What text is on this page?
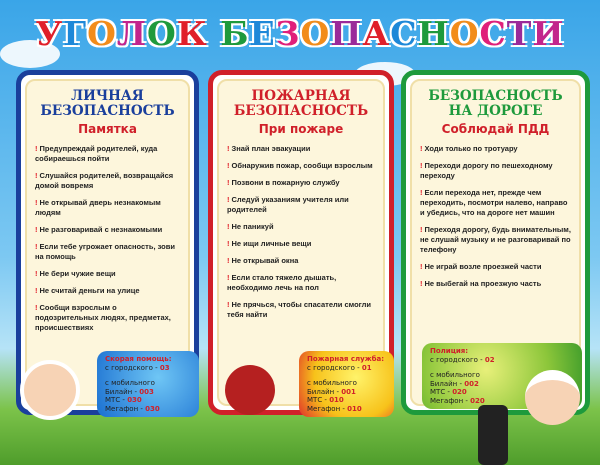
УГОЛОК БЕЗОПАСНОСТИ
ЛИЧНАЯ
БЕЗОПАСНОСТЬ
Памятка
! Предупреждай родителей, куда собираешься пойти
! Слушайся родителей, возвращайся домой вовремя
! Не открывай дверь незнакомым людям
! Не разговаривай с незнакомыми
! Если тебе угрожает опасность, зови на помощь
! Не бери чужие вещи
! Не считай деньги на улице
! Сообщи взрослым о подозрительных людях, предметах, происшествиях
Скорая помощь:
с городского - 03
с мобильного
Билайн - 003
МТС - 030
Мегафон - 030
ПОЖАРНАЯ
БЕЗОПАСНОСТЬ
При пожаре
! Знай план эвакуации
! Обнаружив пожар, сообщи взрослым
! Позвони в пожарную службу
! Следуй указаниям учителя или родителей
! Не паникуй
! Не ищи личные вещи
! Не открывай окна
! Если стало тяжело дышать, необходимо лечь на пол
! Не прячься, чтобы спасатели смогли тебя найти
Пожарная служба:
с городского - 01
с мобильного
Билайн - 001
МТС - 010
Мегафон - 010
БЕЗОПАСНОСТЬ
НА ДОРОГЕ
Соблюдай ПДД
! Ходи только по тротуару
! Переходи дорогу по пешеходному переходу
! Если перехода нет, прежде чем переходить, посмотри налево, направо и убедись, что на дороге нет машин
! Переходя дорогу, будь внимательным, не слушай музыку и не разговаривай по телефону
! Не играй возле проезжей части
! Не выбегай на проезжую часть
Полиция:
с городского - 02
с мобильного
Билайн - 002
МТС - 020
Мегафон - 020
